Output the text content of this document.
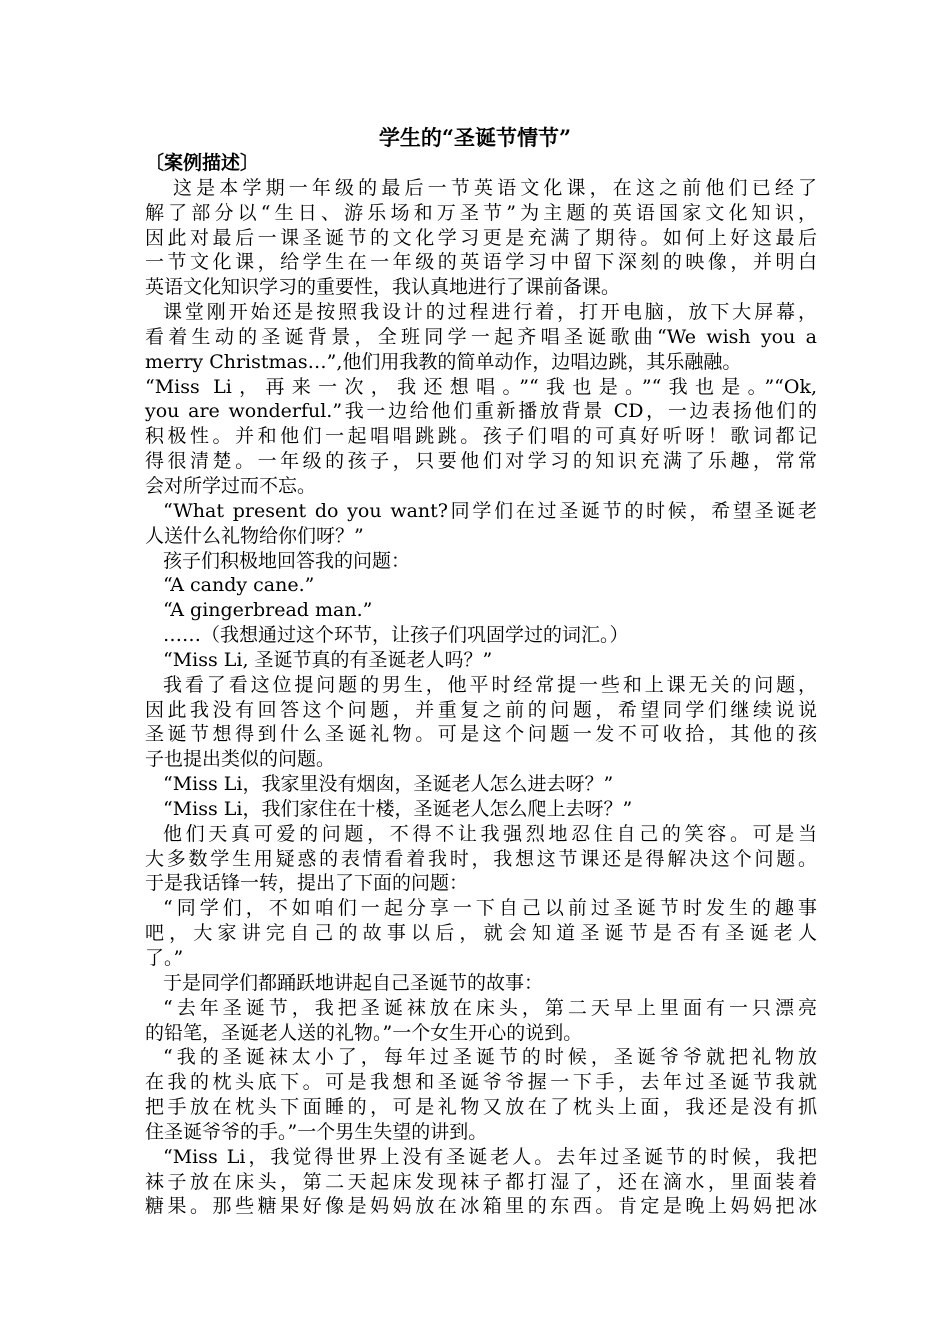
学生的“圣诞节情节”
〔案例描述〕
这是本学期一年级的最后一节英语文化课，在这之前他们已经了
解了部分以“生日、游乐场和万圣节”为主题的英语国家文化知识，
因此对最后一课圣诞节的文化学习更是充满了期待。如何上好这最后
一节文化课，给学生在一年级的英语学习中留下深刻的映像，并明白
英语文化知识学习的重要性，我认真地进行了课前备课。
课堂刚开始还是按照我设计的过程进行着，打开电脑，放下大屏幕，
看着生动的圣诞背景，全班同学一起齐唱圣诞歌曲“We wish you a
merry Christmas…”,他们用我教的简单动作，边唱边跳，其乐融融。
“Miss Li，再来一次，我还想唱。”“我也是。”“我也是。”“Ok,
you are wonderful.”我一边给他们重新播放背景 CD，一边表扬他们的
积极性。并和他们一起唱唱跳跳。孩子们唱的可真好听呀！歌词都记
得很清楚。一年级的孩子，只要他们对学习的知识充满了乐趣，常常
会对所学过而不忘。
“What present do you want?同学们在过圣诞节的时候，希望圣诞老
人送什么礼物给你们呀？”
孩子们积极地回答我的问题：
“A candy cane.”
“A gingerbread man.”
……（我想通过这个环节，让孩子们巩固学过的词汇。）
“Miss Li, 圣诞节真的有圣诞老人吗？”
我看了看这位提问题的男生，他平时经常提一些和上课无关的问题，
因此我没有回答这个问题，并重复之前的问题，希望同学们继续说说
圣诞节想得到什么圣诞礼物。可是这个问题一发不可收拾，其他的孩
子也提出类似的问题。
“Miss Li，我家里没有烟囱，圣诞老人怎么进去呀？”
“Miss Li，我们家住在十楼，圣诞老人怎么爬上去呀？”
他们天真可爱的问题，不得不让我强烈地忍住自己的笑容。可是当
大多数学生用疑惑的表情看着我时，我想这节课还是得解决这个问题。
于是我话锋一转，提出了下面的问题：
“同学们，不如咱们一起分享一下自己以前过圣诞节时发生的趣事
吧，大家讲完自己的故事以后，就会知道圣诞节是否有圣诞老人
了。”
于是同学们都踊跃地讲起自己圣诞节的故事：
“去年圣诞节，我把圣诞袜放在床头，第二天早上里面有一只漂亮
的铅笔，圣诞老人送的礼物。”一个女生开心的说到。
“我的圣诞袜太小了，每年过圣诞节的时候，圣诞爷爷就把礼物放
在我的枕头底下。可是我想和圣诞爷爷握一下手，去年过圣诞节我就
把手放在枕头下面睡的，可是礼物又放在了枕头上面，我还是没有抓
住圣诞爷爷的手。”一个男生失望的讲到。
“Miss Li，我觉得世界上没有圣诞老人。去年过圣诞节的时候，我把
袜子放在床头，第二天起床发现袜子都打湿了，还在滴水，里面装着
糖果。那些糖果好像是妈妈放在冰箱里的东西。肯定是晚上妈妈把冰
